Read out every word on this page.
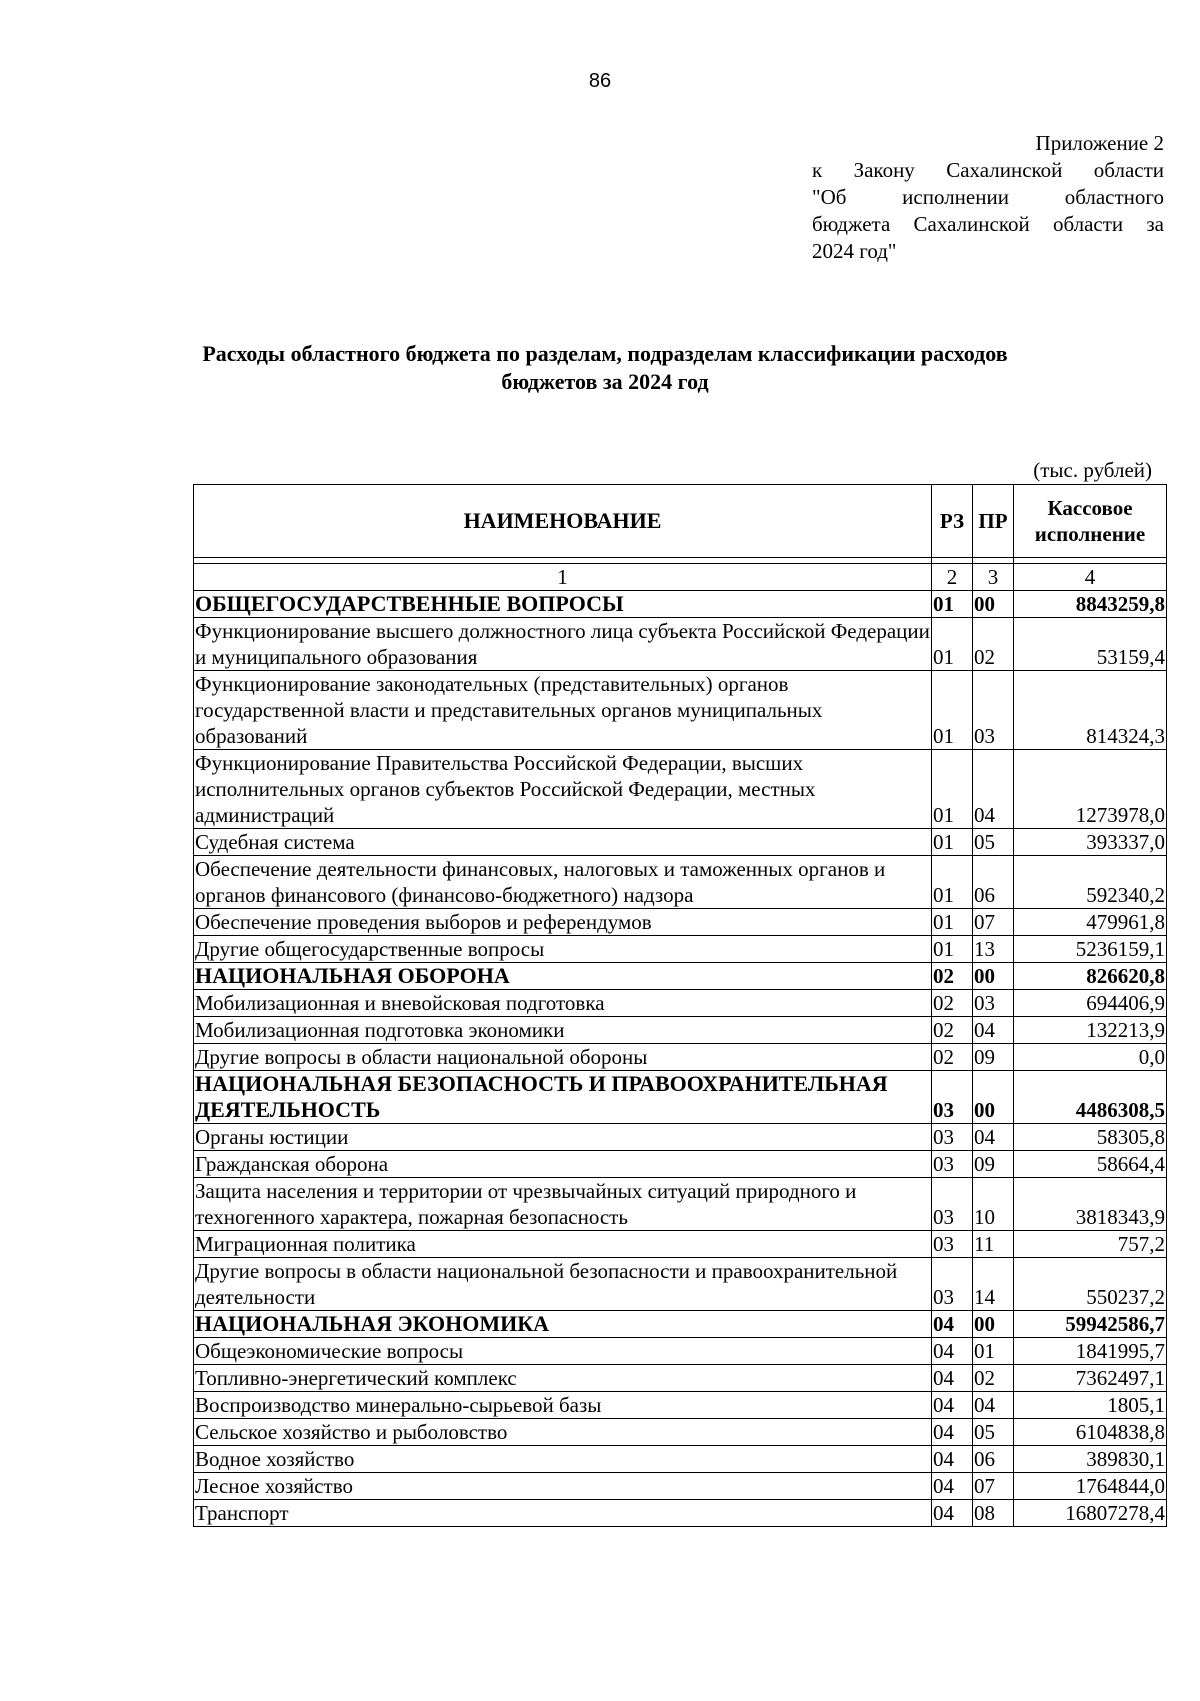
86
Приложение 2
к Закону Сахалинской области
"Об исполнении областного
бюджета Сахалинской области за
2024 год"
Расходы областного бюджета по разделам, подразделам классификации расходов
бюджетов за 2024 год
(тыс. рублей)
НАИМЕНОВАНИЕ	РЗ	ПР	Кассовое
исполнение

1	2	3	4
ОБЩЕГОСУДАРСТВЕННЫЕ ВОПРОСЫ	01	00	8843259,8
Функционирование высшего должностного лица субъекта Российской Федерации и муниципального образования	01	02	53159,4
Функционирование законодательных (представительных) органов государственной власти и представительных органов муниципальных образований	01	03	814324,3
Функционирование Правительства Российской Федерации, высших исполнительных органов субъектов Российской Федерации, местных администраций	01	04	1273978,0
Судебная система	01	05	393337,0
Обеспечение деятельности финансовых, налоговых и таможенных органов и органов финансового (финансово-бюджетного) надзора	01	06	592340,2
Обеспечение проведения выборов и референдумов	01	07	479961,8
Другие общегосударственные вопросы	01	13	5236159,1
НАЦИОНАЛЬНАЯ ОБОРОНА	02	00	826620,8
Мобилизационная и вневойсковая подготовка	02	03	694406,9
Мобилизационная подготовка экономики	02	04	132213,9
Другие вопросы в области национальной обороны	02	09	0,0
НАЦИОНАЛЬНАЯ БЕЗОПАСНОСТЬ И ПРАВООХРАНИТЕЛЬНАЯ ДЕЯТЕЛЬНОСТЬ	03	00	4486308,5
Органы юстиции	03	04	58305,8
Гражданская оборона	03	09	58664,4
Защита населения и территории от чрезвычайных ситуаций природного и техногенного характера, пожарная безопасность	03	10	3818343,9
Миграционная политика	03	11	757,2
Другие вопросы в области национальной безопасности и правоохранительной деятельности	03	14	550237,2
НАЦИОНАЛЬНАЯ ЭКОНОМИКА	04	00	59942586,7
Общеэкономические вопросы	04	01	1841995,7
Топливно-энергетический комплекс	04	02	7362497,1
Воспроизводство минерально-сырьевой базы	04	04	1805,1
Сельское хозяйство и рыболовство	04	05	6104838,8
Водное хозяйство	04	06	389830,1
Лесное хозяйство	04	07	1764844,0
Транспорт	04	08	16807278,4
